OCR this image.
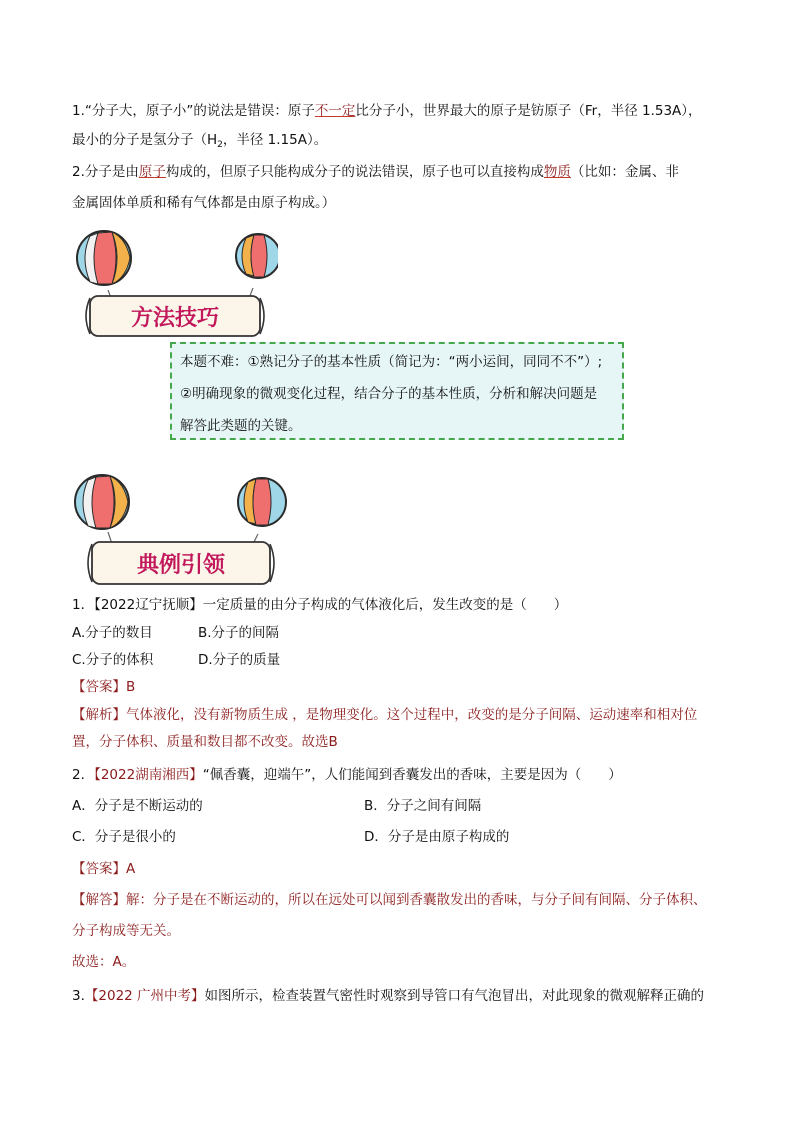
1.“分子大，原子小”的说法是错误：原子不一定比分子小，世界最大的原子是钫原子（Fr，半径 1.53A），
最小的分子是氢分子（$H_2$，半径 1.15A）。
2.分子是由原子构成的，但原子只能构成分子的说法错误，原子也可以直接构成物质（比如：金属、非
金属固体单质和稀有气体都是由原子构成。）
方法技巧
本题不难：①熟记分子的基本性质（简记为：“两小运间，同同不不”）;
②明确现象的微观变化过程，结合分子的基本性质，分析和解决问题是
解答此类题的关键。
典例引领
1．【2022辽宁抚顺】一定质量的由分子构成的气体液化后，发生改变的是（　　）
A.分子的数目	B.分子的间隔
C.分子的体积	D.分子的质量
【答案】B
【解析】气体液化，没有新物质生成 ，是物理变化。这个过程中，改变的是分子间隔、运动速率和相对位
置，分子体积、质量和数目都不改变。故选B
2．【2022湖南湘西】“佩香囊，迎端午”，人们能闻到香囊发出的香味，主要是因为（　　）
A．分子是不断运动的	B．分子之间有间隔
C．分子是很小的	D．分子是由原子构成的
【答案】A
【解答】解：分子是在不断运动的，所以在远处可以闻到香囊散发出的香味，与分子间有间隔、分子体积、
分子构成等无关。
故选：A。
3.【2022 广州中考】如图所示，检查装置气密性时观察到导管口有气泡冒出，对此现象的微观解释正确的
